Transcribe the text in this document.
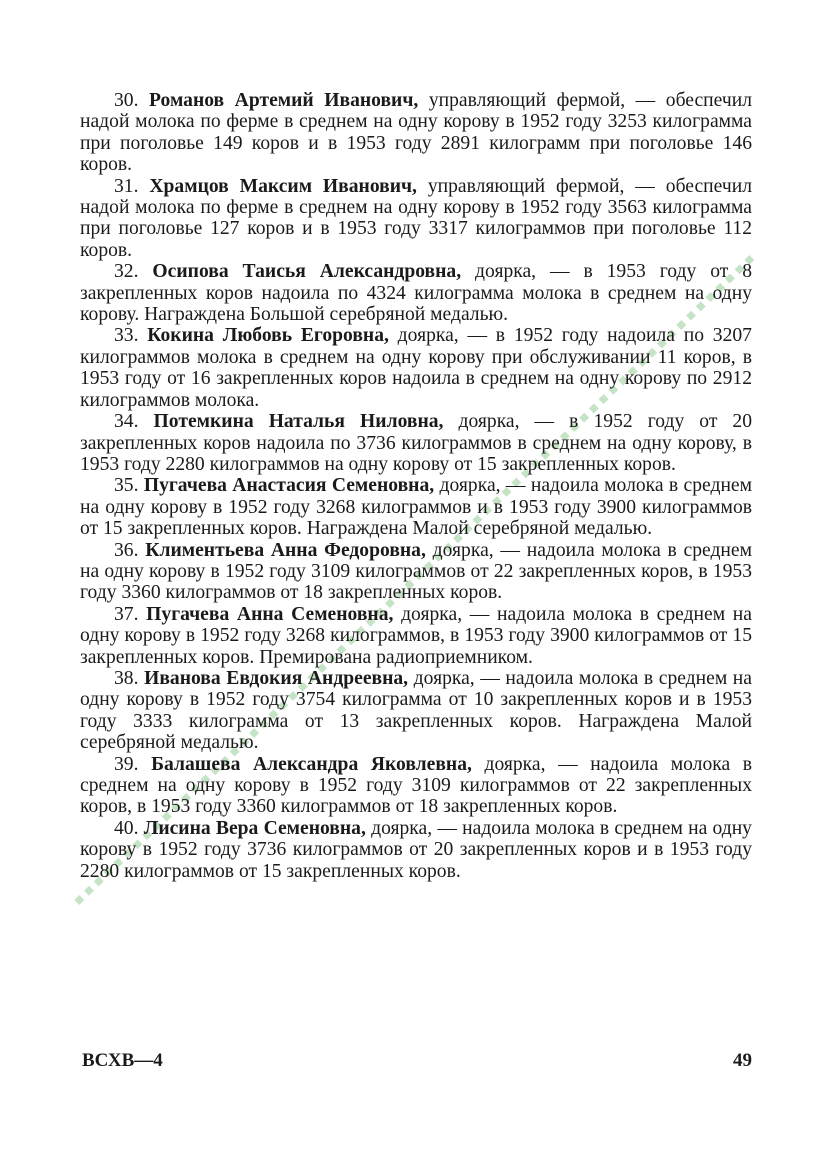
30. Романов Артемий Иванович, управляющий фермой, — обеспечил надой молока по ферме в среднем на одну корову в 1952 году 3253 килограмма при поголовье 149 коров и в 1953 году 2891 килограмм при поголовье 146 коров.

31. Храмцов Максим Иванович, управляющий фермой, — обеспечил надой молока по ферме в среднем на одну корову в 1952 году 3563 килограмма при поголовье 127 коров и в 1953 году 3317 килограммов при поголовье 112 коров.

32. Осипова Таисья Александровна, доярка, — в 1953 году от 8 закрепленных коров надоила по 4324 килограмма молока в среднем на одну корову. Награждена Большой серебряной медалью.

33. Кокина Любовь Егоровна, доярка, — в 1952 году надоила по 3207 килограммов молока в среднем на одну корову при обслуживании 11 коров, в 1953 году от 16 закрепленных коров надоила в среднем на одну корову по 2912 килограммов молока.

34. Потемкина Наталья Ниловна, доярка, — в 1952 году от 20 закрепленных коров надоила по 3736 килограммов в среднем на одну корову, в 1953 году 2280 килограммов на одну корову от 15 закрепленных коров.

35. Пугачева Анастасия Семеновна, доярка, — надоила молока в среднем на одну корову в 1952 году 3268 килограммов и в 1953 году 3900 килограммов от 15 закрепленных коров. Награждена Малой серебряной медалью.

36. Климентьева Анна Федоровна, доярка, — надоила молока в среднем на одну корову в 1952 году 3109 килограммов от 22 закрепленных коров, в 1953 году 3360 килограммов от 18 закрепленных коров.

37. Пугачева Анна Семеновна, доярка, — надоила молока в среднем на одну корову в 1952 году 3268 килограммов, в 1953 году 3900 килограммов от 15 закрепленных коров. Премирована радиоприемником.

38. Иванова Евдокия Андреевна, доярка, — надоила молока в среднем на одну корову в 1952 году 3754 килограмма от 10 закрепленных коров и в 1953 году 3333 килограмма от 13 закрепленных коров. Награждена Малой серебряной медалью.

39. Балашева Александра Яковлевна, доярка, — надоила молока в среднем на одну корову в 1952 году 3109 килограммов от 22 закрепленных коров, в 1953 году 3360 килограммов от 18 закрепленных коров.

40. Лисина Вера Семеновна, доярка, — надоила молока в среднем на одну корову в 1952 году 3736 килограммов от 20 закрепленных коров и в 1953 году 2280 килограммов от 15 закрепленных коров.

ВСХВ—4	49
